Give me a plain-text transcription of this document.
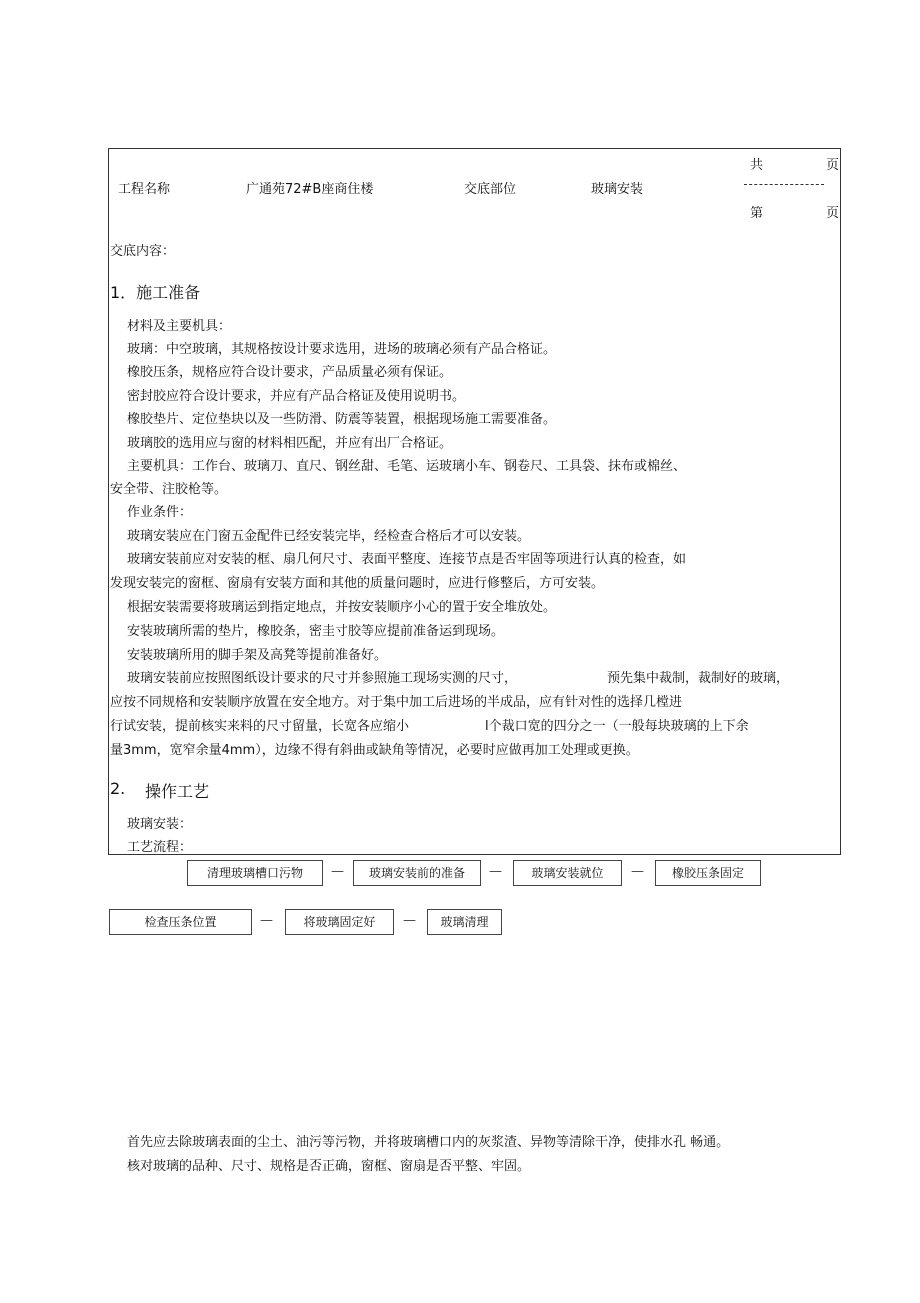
工程名称	广通苑72#B座商住楼	交底部位	玻璃安装
共	页
第	页
交底内容：
1．施工准备
材料及主要机具：
玻璃：中空玻璃，其规格按设计要求选用，进场的玻璃必须有产品合格证。
橡胶压条，规格应符合设计要求，产品质量必须有保证。
密封胶应符合设计要求，并应有产品合格证及使用说明书。
橡胶垫片、定位垫块以及一些防滑、防震等装置，根据现场施工需要准备。
玻璃胶的选用应与窗的材料相匹配，并应有出厂合格证。
主要机具：工作台、玻璃刀、直尺、钢丝甜、毛笔、运玻璃小车、钢卷尺、工具袋、抹布或棉丝、
安全带、注胶枪等。
作业条件：
玻璃安装应在门窗五金配件已经安装完毕，经检查合格后才可以安装。
玻璃安装前应对安装的框、扇几何尺寸、表面平整度、连接节点是否牢固等项进行认真的检查，如
发现安装完的窗框、窗扇有安装方面和其他的质量问题时，应进行修整后，方可安装。
根据安装需要将玻璃运到指定地点，并按安装顺序小心的置于安全堆放处。
安装玻璃所需的垫片，橡胶条，密圭寸胶等应提前准备运到现场。
安装玻璃所用的脚手架及高凳等提前准备好。
玻璃安装前应按照图纸设计要求的尺寸并参照施工现场实测的尺寸，	预先集中裁制，裁制好的玻璃，
应按不同规格和安装顺序放置在安全地方。对于集中加工后进场的半成品，应有针对性的选择几樘进
行试安装，提前核实来料的尺寸留量，长宽各应缩小	l个裁口宽的四分之一（一般每块玻璃的上下余
量3mm，宽窄余量4mm），边缘不得有斜曲或缺角等情况，必要时应做再加工处理或更换。
2. 操作工艺
玻璃安装：
工艺流程：
清理玻璃槽口污物	—	玻璃安装前的准备	—	玻璃安装就位	—	橡胶压条固定
检查压条位置	—	将玻璃固定好	—	玻璃清理
首先应去除玻璃表面的尘土、油污等污物，并将玻璃槽口内的灰浆渣、异物等清除干净，使排水孔 畅通。
核对玻璃的品种、尺寸、规格是否正确，窗框、窗扇是否平整、牢固。
